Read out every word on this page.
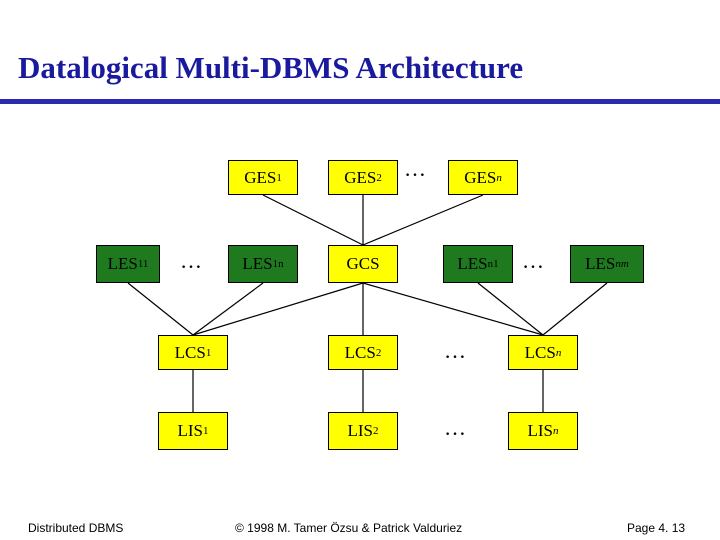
Datalogical Multi-DBMS Architecture
GES 1	GES 2 … GES n
LES 11 … LES 1n	GCS	LES n1 … LES nm
LCS 1	LCS 2	…	LCS n
LIS 1	LIS 2	…	LIS n
Distributed DBMS	© 1998 M. Tamer Özsu & Patrick Valduriez	Page 4. 13
